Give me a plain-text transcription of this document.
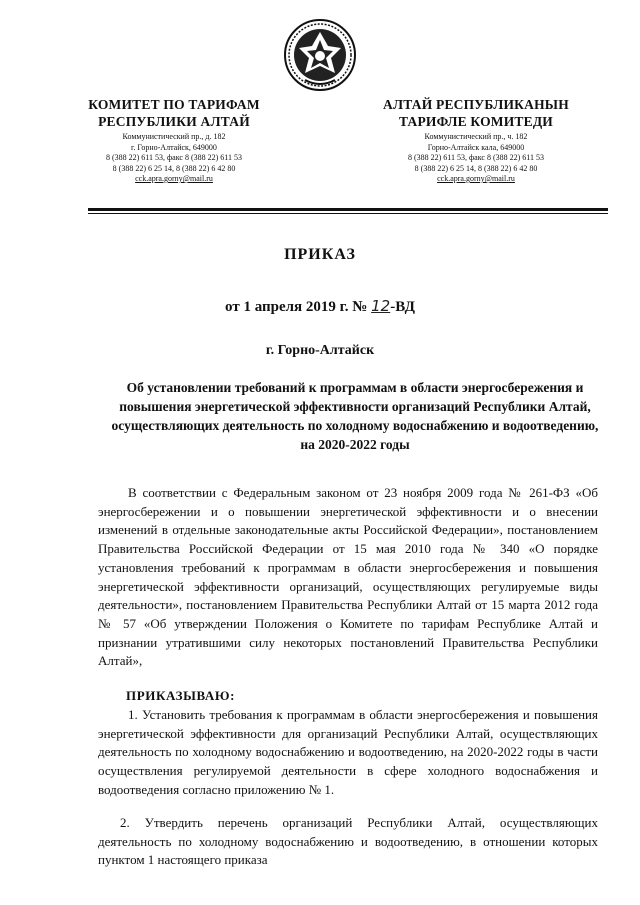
КОМИТЕТ ПО ТАРИФАМ
РЕСПУБЛИКИ АЛТАЙ
Коммунистический пр., д. 182
г. Горно-Алтайск, 649000
8 (388 22) 611 53, факс 8 (388 22) 611 53
8 (388 22) 6 25 14, 8 (388 22) 6 42 80
cck.apra.gorny@mail.ru
АЛТАЙ РЕСПУБЛИКАНЫН
ТАРИФЛЕ КОМИТЕДИ
Коммунистический пр., ч. 182
Горно-Алтайск кала, 649000
8 (388 22) 611 53, факс 8 (388 22) 611 53
8 (388 22) 6 25 14, 8 (388 22) 6 42 80
cck.apra.gorny@mail.ru
ПРИКАЗ
от 1 апреля 2019 г. № 12-ВД
г. Горно-Алтайск
Об установлении требований к программам в области энергосбережения и повышения энергетической эффективности организаций Республики Алтай, осуществляющих деятельность по холодному водоснабжению и водоотведению, на 2020-2022 годы
В соответствии с Федеральным законом от 23 ноября 2009 года № 261-ФЗ «Об энергосбережении и о повышении энергетической эффективности и о внесении изменений в отдельные законодательные акты Российской Федерации», постановлением Правительства Российской Федерации от 15 мая 2010 года № 340 «О порядке установления требований к программам в области энергосбережения и повышения энергетической эффективности организаций, осуществляющих регулируемые виды деятельности», постановлением Правительства Республики Алтай от 15 марта 2012 года № 57 «Об утверждении Положения о Комитете по тарифам Республике Алтай и признании утратившими силу некоторых постановлений Правительства Республики Алтай»,
ПРИКАЗЫВАЮ:
1. Установить требования к программам в области энергосбережения и повышения энергетической эффективности для организаций Республики Алтай, осуществляющих деятельность по холодному водоснабжению и водоотведению, на 2020-2022 годы в части осуществления регулируемой деятельности в сфере холодного водоснабжения и водоотведения согласно приложению № 1.
2. Утвердить перечень организаций Республики Алтай, осуществляющих деятельность по холодному водоснабжению и водоотведению, в отношении которых пунктом 1 настоящего приказа
